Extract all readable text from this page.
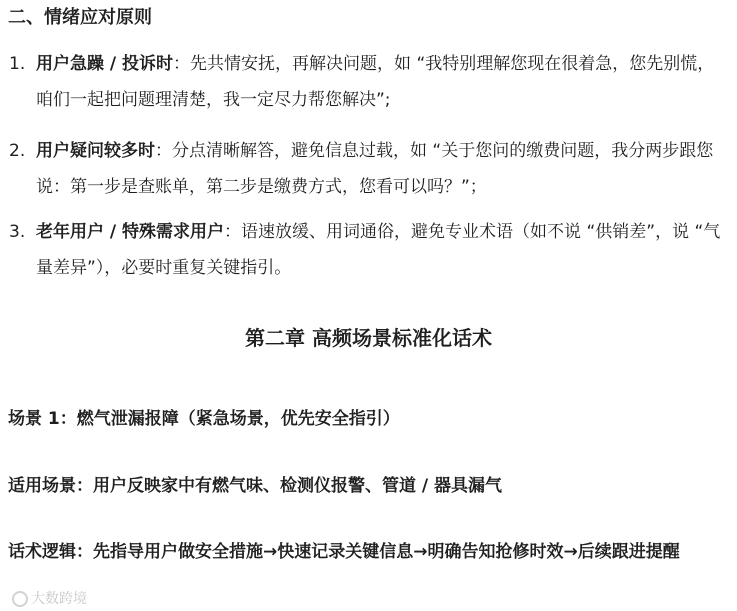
二、情绪应对原则
1. 用户急躁 / 投诉时：先共情安抚，再解决问题，如 “我特别理解您现在很着急，您先别慌，咱们一起把问题理清楚，我一定尽力帮您解决”;
2. 用户疑问较多时：分点清晰解答，避免信息过载，如 “关于您问的缴费问题，我分两步跟您说：第一步是查账单，第二步是缴费方式，您看可以吗？”；
3. 老年用户 / 特殊需求用户：语速放缓、用词通俗，避免专业术语（如不说 “供销差”，说 “气量差异”），必要时重复关键指引。
第二章 高频场景标准化话术
场景 1：燃气泄漏报障（紧急场景，优先安全指引）
适用场景：用户反映家中有燃气味、检测仪报警、管道 / 器具漏气
话术逻辑：先指导用户做安全措施→快速记录关键信息→明确告知抢修时效→后续跟进提醒
大数跨境
